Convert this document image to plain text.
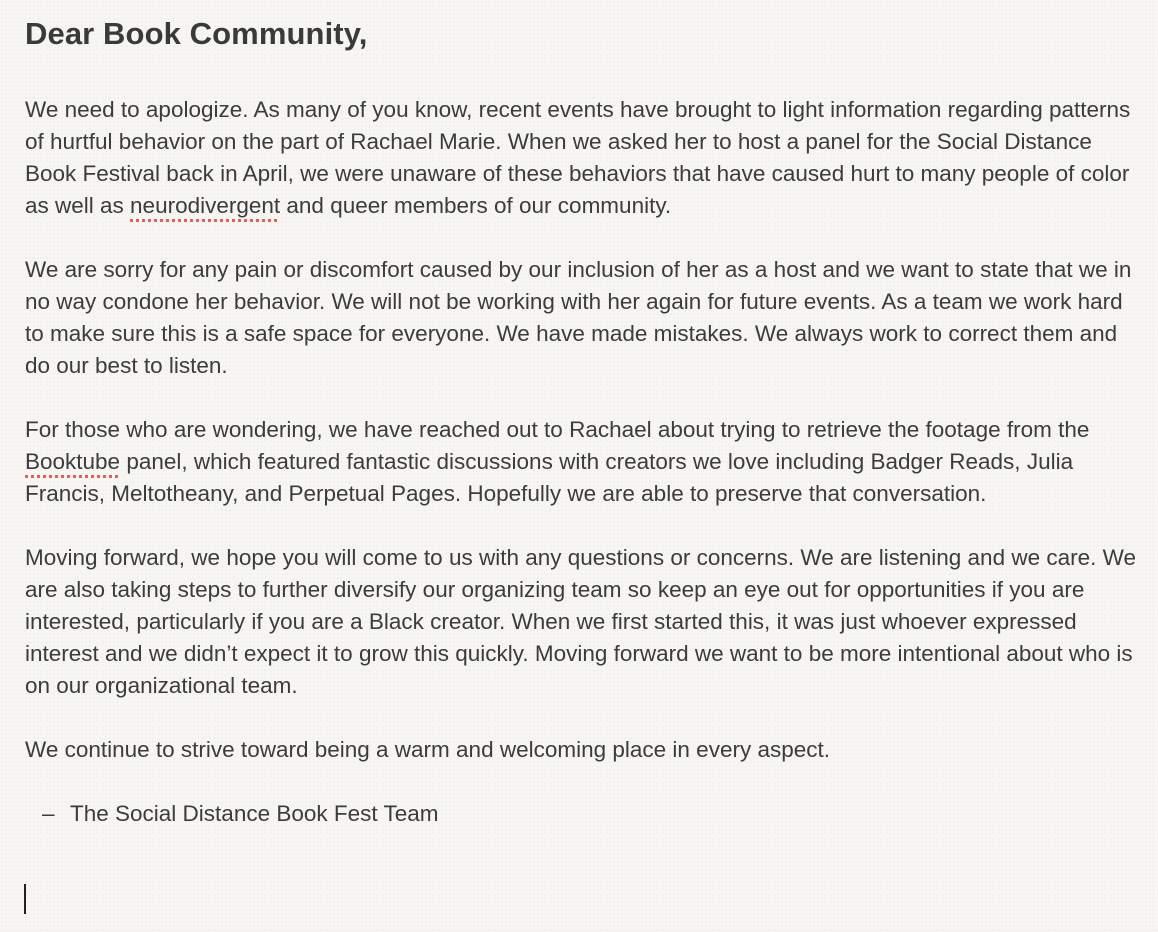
Dear Book Community,

We need to apologize. As many of you know, recent events have brought to light information regarding patterns of hurtful behavior on the part of Rachael Marie. When we asked her to host a panel for the Social Distance Book Festival back in April, we were unaware of these behaviors that have caused hurt to many people of color as well as neurodivergent and queer members of our community.

We are sorry for any pain or discomfort caused by our inclusion of her as a host and we want to state that we in no way condone her behavior. We will not be working with her again for future events. As a team we work hard to make sure this is a safe space for everyone. We have made mistakes. We always work to correct them and do our best to listen.

For those who are wondering, we have reached out to Rachael about trying to retrieve the footage from the Booktube panel, which featured fantastic discussions with creators we love including Badger Reads, Julia Francis, Meltotheany, and Perpetual Pages. Hopefully we are able to preserve that conversation.

Moving forward, we hope you will come to us with any questions or concerns. We are listening and we care. We are also taking steps to further diversify our organizing team so keep an eye out for opportunities if you are interested, particularly if you are a Black creator. When we first started this, it was just whoever expressed interest and we didn’t expect it to grow this quickly. Moving forward we want to be more intentional about who is on our organizational team.

We continue to strive toward being a warm and welcoming place in every aspect.

– The Social Distance Book Fest Team
